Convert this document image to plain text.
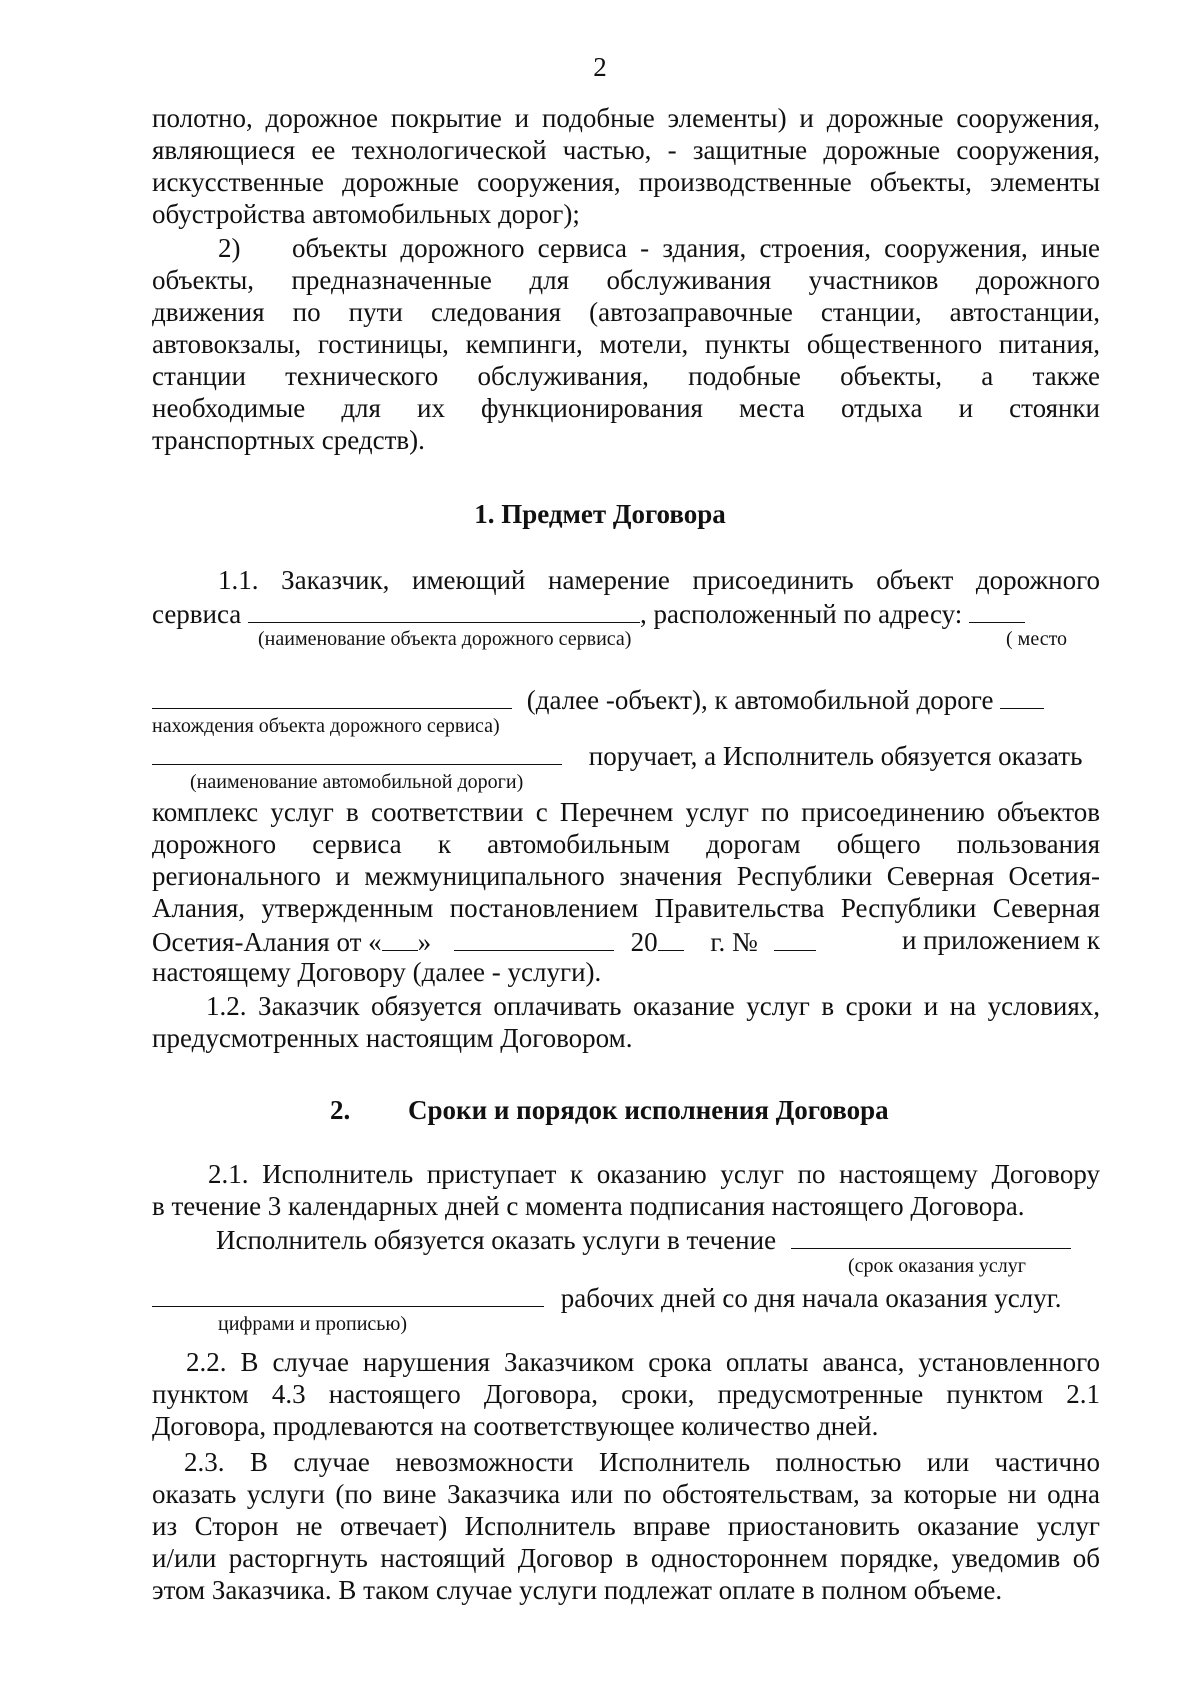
2
полотно, дорожное покрытие и подобные элементы) и дорожные сооружения,
являющиеся ее технологической частью, - защитные дорожные сооружения,
искусственные дорожные сооружения, производственные объекты, элементы
обустройства автомобильных дорог);
2)	объекты дорожного сервиса - здания, строения, сооружения, иные
объекты, предназначенные для обслуживания участников дорожного
движения по пути следования (автозаправочные станции, автостанции,
автовокзалы, гостиницы, кемпинги, мотели, пункты общественного питания,
станции технического обслуживания, подобные объекты, а также
необходимые для их функционирования места отдыха и стоянки
транспортных средств).
1. Предмет Договора
1.1. Заказчик, имеющий намерение присоединить объект дорожного
сервиса	, расположенный по адресу:
(наименование объекта дорожного сервиса)	( место
(далее -объект), к автомобильной дороге
нахождения объекта дорожного сервиса)
поручает, а Исполнитель обязуется оказать
(наименование автомобильной дороги)
комплекс услуг в соответствии с Перечнем услуг по присоединению объектов
дорожного сервиса к автомобильным дорогам общего пользования
регионального и межмуниципального значения Республики Северная Осетия-
Алания, утвержденным постановлением Правительства Республики Северная
Осетия-Алания от « »	20 г. №	и приложением к
настоящему Договору (далее - услуги).
1.2. Заказчик обязуется оплачивать оказание услуг в сроки и на условиях,
предусмотренных настоящим Договором.
2. Сроки и порядок исполнения Договора
2.1. Исполнитель приступает к оказанию услуг по настоящему Договору
в течение 3 календарных дней с момента подписания настоящего Договора.
Исполнитель обязуется оказать услуги в течение
(срок оказания услуг
рабочих дней со дня начала оказания услуг.
цифрами и прописью)
2.2. В случае нарушения Заказчиком срока оплаты аванса, установленного
пунктом 4.3 настоящего Договора, сроки, предусмотренные пунктом 2.1
Договора, продлеваются на соответствующее количество дней.
2.3. В случае невозможности Исполнитель полностью или частично
оказать услуги (по вине Заказчика или по обстоятельствам, за которые ни одна
из Сторон не отвечает) Исполнитель вправе приостановить оказание услуг
и/или расторгнуть настоящий Договор в одностороннем порядке, уведомив об
этом Заказчика. В таком случае услуги подлежат оплате в полном объеме.
